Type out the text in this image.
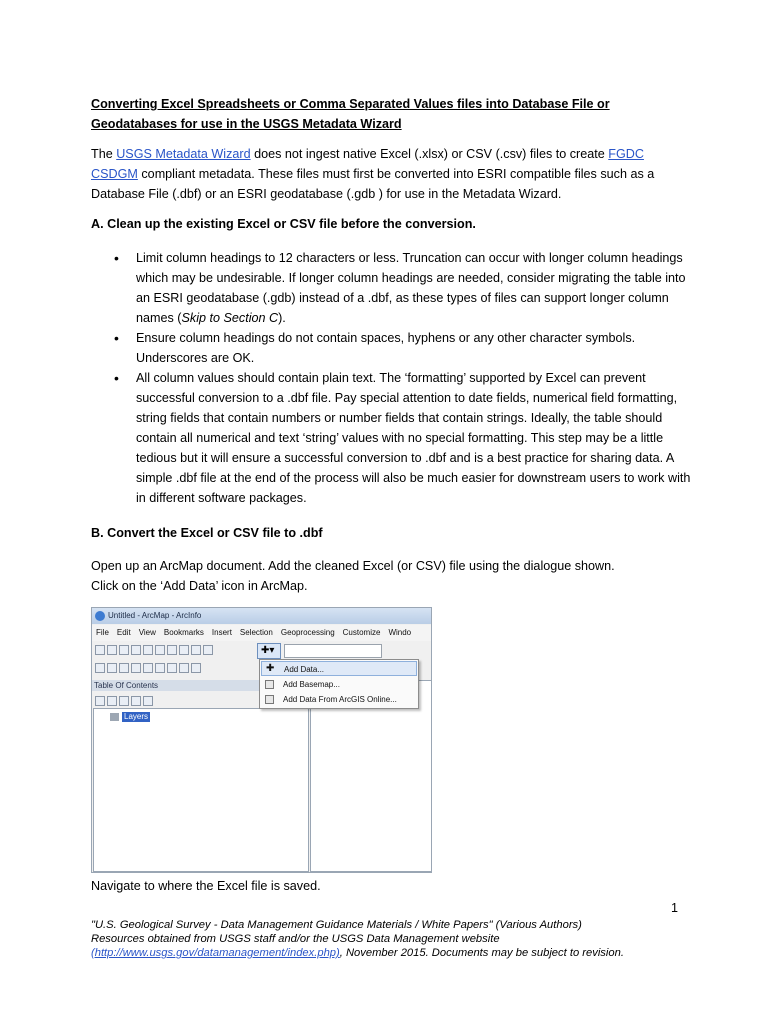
Converting Excel Spreadsheets or Comma Separated Values files into Database File or Geodatabases for use in the USGS Metadata Wizard
The USGS Metadata Wizard does not ingest native Excel (.xlsx) or CSV (.csv) files to create FGDC CSDGM compliant metadata. These files must first be converted into ESRI compatible files such as a Database File (.dbf) or an ESRI geodatabase (.gdb ) for use in the Metadata Wizard.
A. Clean up the existing Excel or CSV file before the conversion.
• Limit column headings to 12 characters or less. Truncation can occur with longer column headings which may be undesirable. If longer column headings are needed, consider migrating the table into an ESRI geodatabase (.gdb) instead of a .dbf, as these types of files can support longer column names (Skip to Section C).
• Ensure column headings do not contain spaces, hyphens or any other character symbols. Underscores are OK.
• All column values should contain plain text. The ‘formatting’ supported by Excel can prevent successful conversion to a .dbf file. Pay special attention to date fields, numerical field formatting, string fields that contain numbers or number fields that contain strings. Ideally, the table should contain all numerical and text ‘string’ values with no special formatting. This step may be a little tedious but it will ensure a successful conversion to .dbf and is a best practice for sharing data. A simple .dbf file at the end of the process will also be much easier for downstream users to work with in different software packages.
B. Convert the Excel or CSV file to .dbf
Open up an ArcMap document. Add the cleaned Excel (or CSV) file using the dialogue shown.
Click on the ‘Add Data’ icon in ArcMap.
Untitled - ArcMap - ArcInfo
File Edit View Bookmarks Insert Selection Geoprocessing Customize Windo
✚▾
Table Of Contents
Layers
✚ Add Data...
Add Basemap...
Add Data From ArcGIS Online...
Navigate to where the Excel file is saved.
1
"U.S. Geological Survey - Data Management Guidance Materials / White Papers" (Various Authors)
Resources obtained from USGS staff and/or the USGS Data Management website
(http://www.usgs.gov/datamanagement/index.php), November 2015. Documents may be subject to revision.
